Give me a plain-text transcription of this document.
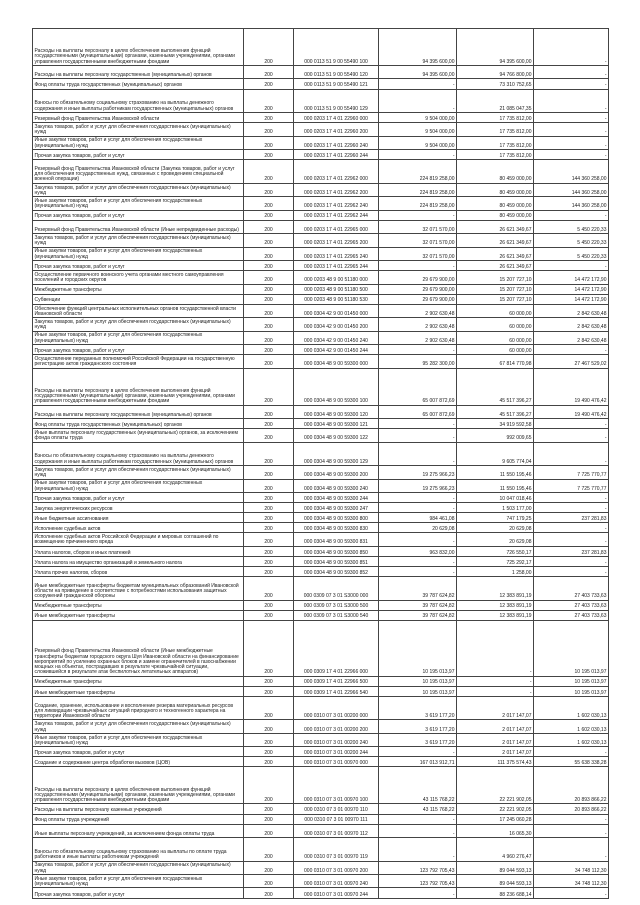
Расходы на выплаты персоналу в целях обеспечения выполнения функций государственными (муниципальными) органами, казенными учреждениями, органами управления государственными внебюджетными фондами	200	000 0113 51 9 00 55490 100	94 395 600,00	94 395 600,00	-
Расходы на выплаты персоналу государственных (муниципальных) органов	200	000 0113 51 9 00 55490 120	94 395 600,00	94 766 800,00	-
Фонд оплаты труда государственных (муниципальных) органов	200	000 0113 51 9 00 55490 121	-	73 310 752,65	-
Взносы по обязательному социальному страхованию на выплаты денежного содержания и иные выплаты работникам государственных (муниципальных) органов	200	000 0113 51 9 00 55490 129	-	21 085 047,35	-
Резервный фонд Правительства Ивановской области	200	000 0203 17 4 01 22960 000	9 504 000,00	17 735 812,00	-
Закупка товаров, работ и услуг для обеспечения государственных (муниципальных) нужд	200	000 0203 17 4 01 22960 200	9 504 000,00	17 735 812,00	-
Иные закупки товаров, работ и услуг для обеспечения государственных (муниципальных) нужд	200	000 0203 17 4 01 22960 240	9 504 000,00	17 735 812,00	-
Прочая закупка товаров, работ и услуг	200	000 0203 17 4 01 22960 244	-	17 735 812,00	-
Резервный фонд Правительства Ивановской области (Закупка товаров, работ и услуг для обеспечения государственных нужд, связанных с проведением специальной военной операции)	200	000 0203 17 4 01 22962 000	224 819 258,00	80 459 000,00	144 360 258,00
Закупка товаров, работ и услуг для обеспечения государственных (муниципальных) нужд	200	000 0203 17 4 01 22962 200	224 819 258,00	80 459 000,00	144 360 258,00
Иные закупки товаров, работ и услуг для обеспечения государственных (муниципальных) нужд	200	000 0203 17 4 01 22962 240	224 819 258,00	80 459 000,00	144 360 258,00
Прочая закупка товаров, работ и услуг	200	000 0203 17 4 01 22962 244	-	80 459 000,00	-
Резервный фонд Правительства Ивановской области (Иные непредвиденные расходы)	200	000 0203 17 4 01 22965 000	32 071 570,00	26 621 349,67	5 450 220,33
Закупка товаров, работ и услуг для обеспечения государственных (муниципальных) нужд	200	000 0203 17 4 01 22965 200	32 071 570,00	26 621 349,67	5 450 220,33
Иные закупки товаров, работ и услуг для обеспечения государственных (муниципальных) нужд	200	000 0203 17 4 01 22965 240	32 071 570,00	26 621 349,67	5 450 220,33
Прочая закупка товаров, работ и услуг	200	000 0203 17 4 01 22965 244	-	26 621 349,67	-
Осуществление первичного воинского учета органами местного самоуправления поселений и городских округов	200	000 0203 48 9 00 51180 000	29 679 900,00	15 207 727,10	14 472 172,90
Межбюджетные трансферты	200	000 0203 48 9 00 51180 500	29 679 900,00	15 207 727,10	14 472 172,90
Субвенции	200	000 0203 48 9 00 51180 530	29 679 900,00	15 207 727,10	14 472 172,90
Обеспечение функций центральных исполнительных органов государственной власти Ивановской области	200	000 0304 42 9 00 01450 000	2 902 630,48	60 000,00	2 842 630,48
Закупка товаров, работ и услуг для обеспечения государственных (муниципальных) нужд	200	000 0304 42 9 00 01450 200	2 902 630,48	60 000,00	2 842 630,48
Иные закупки товаров, работ и услуг для обеспечения государственных (муниципальных) нужд	200	000 0304 42 9 00 01450 240	2 902 630,48	60 000,00	2 842 630,48
Прочая закупка товаров, работ и услуг	200	000 0304 42 9 00 01450 244	-	60 000,00	-
Осуществление переданных полномочий Российской Федерации на государственную регистрацию актов гражданского состояния	200	000 0304 48 9 00 59300 000	95 282 300,00	67 814 770,98	27 467 529,02
Расходы на выплаты персоналу в целях обеспечения выполнения функций государственными (муниципальными) органами, казенными учреждениями, органами управления государственными внебюджетными фондами	200	000 0304 48 9 00 59300 100	65 007 872,69	45 517 396,27	19 490 476,42
Расходы на выплаты персоналу государственных (муниципальных) органов	200	000 0304 48 9 00 59300 120	65 007 872,69	45 517 396,27	19 490 476,42
Фонд оплаты труда государственных (муниципальных) органов	200	000 0304 48 9 00 59300 121	-	34 919 592,58	-
Иные выплаты персоналу государственных (муниципальных) органов, за исключением фонда оплаты труда	200	000 0304 48 9 00 59300 122	-	992 009,65	-
Взносы по обязательному социальному страхованию на выплаты денежного содержания и иные выплаты работникам государственных (муниципальных) органов	200	000 0304 48 9 00 59300 129	-	9 605 774,04	-
Закупка товаров, работ и услуг для обеспечения государственных (муниципальных) нужд	200	000 0304 48 9 00 59300 200	19 275 966,23	11 550 195,46	7 725 770,77
Иные закупки товаров, работ и услуг для обеспечения государственных (муниципальных) нужд	200	000 0304 48 9 00 59300 240	19 275 966,23	11 550 195,46	7 725 770,77
Прочая закупка товаров, работ и услуг	200	000 0304 48 9 00 59300 244	-	10 047 018,46	-
Закупка энергетических ресурсов	200	000 0304 48 9 00 59300 247	-	1 503 177,00	-
Иные бюджетные ассигнования	200	000 0304 48 9 00 59300 800	984 461,08	747 179,25	237 281,83
Исполнение судебных актов	200	000 0304 48 9 00 59300 830	20 629,08	20 629,08	-
Исполнение судебных актов Российской Федерации и мировых соглашений по возмещению причиненного вреда	200	000 0304 48 9 00 59300 831	-	20 629,08	-
Уплата налогов, сборов и иных платежей	200	000 0304 48 9 00 59300 850	963 832,00	726 550,17	237 281,83
Уплата налога на имущество организаций и земельного налога	200	000 0304 48 9 00 59300 851	-	725 292,17	-
Уплата прочих налогов, сборов	200	000 0304 48 9 00 59300 852	-	1 258,00	-
Иные межбюджетные трансферты бюджетам муниципальных образований Ивановской области на приведение в соответствие с потребностями использования защитных сооружений гражданской обороны	200	000 0309 07 3 01 S3000 000	39 787 624,82	12 383 891,19	27 403 733,63
Межбюджетные трансферты	200	000 0309 07 3 01 S3000 500	39 787 624,82	12 383 891,19	27 403 733,63
Иные межбюджетные трансферты	200	000 0309 07 3 01 S3000 540	39 787 624,82	12 383 891,19	27 403 733,63
Резервный фонд Правительства Ивановской области (Иные межбюджетные трансферты бюджетам городского округа Шуя Ивановской области на финансирование мероприятий по усилению охранных блоков и замене ограничителей в газоснабжении мощных на объектах, пострадавших в результате чрезвычайной ситуации, сложившейся в результате атак беспилотных летательных аппаратов)	200	000 0309 17 4 01 22966 000	10 195 013,97	-	10 195 013,97
Межбюджетные трансферты	200	000 0309 17 4 01 22966 500	10 195 013,97	-	10 195 013,97
Иные межбюджетные трансферты	200	000 0309 17 4 01 22966 540	10 195 013,97	-	10 195 013,97
Создание, хранение, использование и восполнение резерва материальных ресурсов для ликвидации чрезвычайных ситуаций природного и техногенного характера на территории Ивановской области	200	000 0310 07 3 01 00200 000	3 619 177,20	2 017 147,07	1 602 030,13
Закупка товаров, работ и услуг для обеспечения государственных (муниципальных) нужд	200	000 0310 07 3 01 00200 200	3 619 177,20	2 017 147,07	1 602 030,13
Иные закупки товаров, работ и услуг для обеспечения государственных (муниципальных) нужд	200	000 0310 07 3 01 00200 240	3 619 177,20	2 017 147,07	1 602 030,13
Прочая закупка товаров, работ и услуг	200	000 0310 07 3 01 00200 244	-	2 017 147,07	-
Создание и содержание центра обработки вызовов (ЦОВ)	200	000 0310 07 3 01 00970 000	167 013 912,71	111 375 574,43	55 638 338,28
Расходы на выплаты персоналу в целях обеспечения выполнения функций государственными (муниципальными) органами, казенными учреждениями, органами управления государственными внебюджетными фондами	200	000 0310 07 3 01 00970 100	43 115 768,22	22 221 902,05	20 893 866,22
Расходы на выплаты персоналу казенных учреждений	200	000 0310 07 3 01 00970 110	43 115 768,22	22 221 902,05	20 893 866,22
Фонд оплаты труда учреждений	200	000 0310 07 3 01 00970 111	-	17 245 060,28	-
Иные выплаты персоналу учреждений, за исключением фонда оплаты труда	200	000 0310 07 3 01 00970 112	-	16 065,30	-
Взносы по обязательному социальному страхованию на выплаты по оплате труда работников и иные выплаты работникам учреждений	200	000 0310 07 3 01 00970 119	-	4 960 276,47	-
Закупка товаров, работ и услуг для обеспечения государственных (муниципальных) нужд	200	000 0310 07 3 01 00970 200	123 792 705,43	89 044 593,13	34 748 112,30
Иные закупки товаров, работ и услуг для обеспечения государственных (муниципальных) нужд	200	000 0310 07 3 01 00970 240	123 792 705,43	89 044 593,13	34 748 112,30
Прочая закупка товаров, работ и услуг	200	000 0310 07 3 01 00970 244	-	88 236 688,14	-
